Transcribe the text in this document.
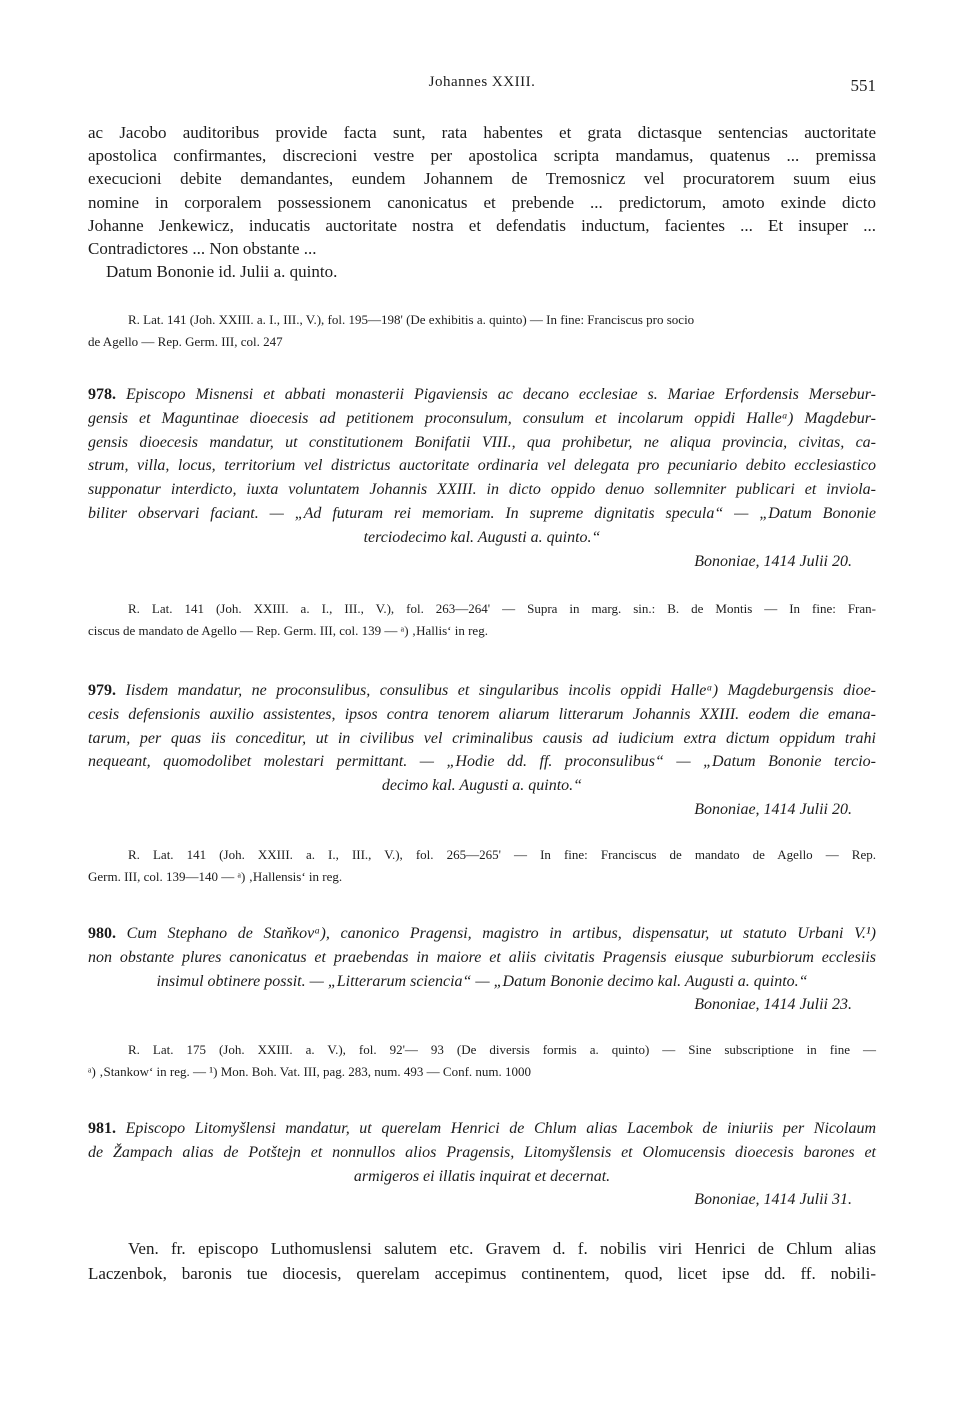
Johannes XXIII.	551
ac Jacobo auditoribus provide facta sunt, rata habentes et grata dictasque sentencias auctoritate
apostolica confirmantes, discrecioni vestre per apostolica scripta mandamus, quatenus ... premissa
execucioni debite demandantes, eundem Johannem de Tremosnicz vel procuratorem suum eius
nomine in corporalem possessionem canonicatus et prebende ... predictorum, amoto exinde dicto
Johanne Jenkewicz, inducatis auctoritate nostra et defendatis inductum, facientes ... Et insuper ...
Contradictores ... Non obstante ...
Datum Bononie id. Julii a. quinto.
R. Lat. 141 (Joh. XXIII. a. I., III., V.), fol. 195—198' (De exhibitis a. quinto) — In fine: Franciscus pro socio
de Agello — Rep. Germ. III, col. 247
978. Episcopo Misnensi et abbati monasterii Pigaviensis ac decano ecclesiae s. Mariae Erfordensis Mersebur-
gensis et Maguntinae dioecesis ad petitionem proconsulum, consulum et incolarum oppidi Halleᵃ) Magdebur-
gensis dioecesis mandatur, ut constitutionem Bonifatii VIII., qua prohibetur, ne aliqua provincia, civitas, ca-
strum, villa, locus, territorium vel districtus auctoritate ordinaria vel delegata pro pecuniario debito ecclesiastico
supponatur interdicto, iuxta voluntatem Johannis XXIII. in dicto oppido denuo sollemniter publicari et inviola-
biliter observari faciant. — „Ad futuram rei memoriam. In supreme dignitatis specula“ — „Datum Bononie
terciodecimo kal. Augusti a. quinto.“
Bononiae, 1414 Julii 20.
R. Lat. 141 (Joh. XXIII. a. I., III., V.), fol. 263—264' — Supra in marg. sin.: B. de Montis — In fine: Fran-
ciscus de mandato de Agello — Rep. Germ. III, col. 139 — ᵃ) ‚Hallis‘ in reg.
979. Iisdem mandatur, ne proconsulibus, consulibus et singularibus incolis oppidi Halleᵃ) Magdeburgensis dioe-
cesis defensionis auxilio assistentes, ipsos contra tenorem aliarum litterarum Johannis XXIII. eodem die emana-
tarum, per quas iis conceditur, ut in civilibus vel criminalibus causis ad iudicium extra dictum oppidum trahi
nequeant, quomodolibet molestari permittant. — „Hodie dd. ff. proconsulibus“ — „Datum Bononie tercio-
decimo kal. Augusti a. quinto.“
Bononiae, 1414 Julii 20.
R. Lat. 141 (Joh. XXIII. a. I., III., V.), fol. 265—265' — In fine: Franciscus de mandato de Agello — Rep.
Germ. III, col. 139—140 — ᵃ) ‚Hallensis‘ in reg.
980. Cum Stephano de Staňkovᵃ), canonico Pragensi, magistro in artibus, dispensatur, ut statuto Urbani V.¹)
non obstante plures canonicatus et praebendas in maiore et aliis civitatis Pragensis eiusque suburbiorum ecclesiis
insimul obtinere possit. — „Litterarum sciencia“ — „Datum Bononie decimo kal. Augusti a. quinto.“
Bononiae, 1414 Julii 23.
R. Lat. 175 (Joh. XXIII. a. V.), fol. 92'— 93 (De diversis formis a. quinto) — Sine subscriptione in fine —
ᵃ) ‚Stankow‘ in reg. — ¹) Mon. Boh. Vat. III, pag. 283, num. 493 — Conf. num. 1000
981. Episcopo Litomyšlensi mandatur, ut querelam Henrici de Chlum alias Lacembok de iniuriis per Nicolaum
de Žampach alias de Potštejn et nonnullos alios Pragensis, Litomyšlensis et Olomucensis dioecesis barones et
armigeros ei illatis inquirat et decernat.
Bononiae, 1414 Julii 31.
Ven. fr. episcopo Luthomuslensi salutem etc. Gravem d. f. nobilis viri Henrici de Chlum alias
Laczenbok, baronis tue diocesis, querelam accepimus continentem, quod, licet ipse dd. ff. nobili-
